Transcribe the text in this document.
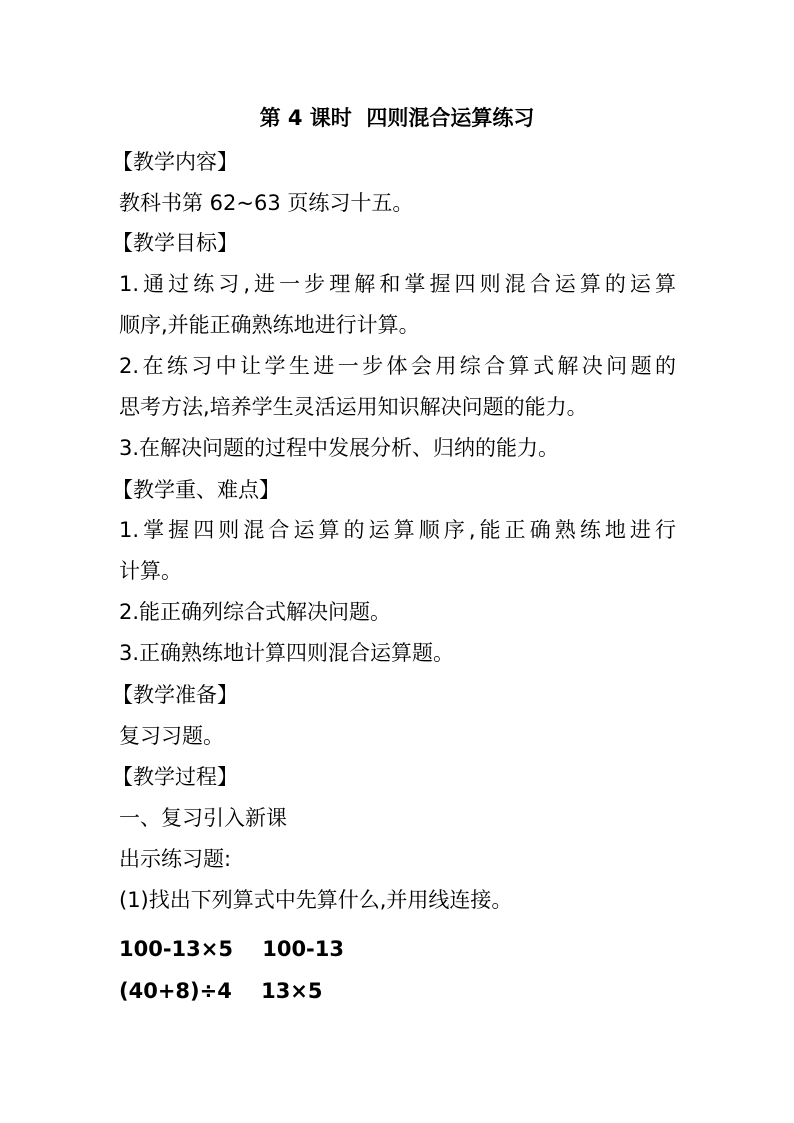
第 4 课时  四则混合运算练习
【教学内容】
教科书第 62~63 页练习十五。
【教学目标】
1.通过练习,进一步理解和掌握四则混合运算的运算
顺序,并能正确熟练地进行计算。
2.在练习中让学生进一步体会用综合算式解决问题的
思考方法,培养学生灵活运用知识解决问题的能力。
3.在解决问题的过程中发展分析、归纳的能力。
【教学重、难点】
1.掌握四则混合运算的运算顺序,能正确熟练地进行
计算。
2.能正确列综合式解决问题。
3.正确熟练地计算四则混合运算题。
【教学准备】
复习习题。
【教学过程】
一、复习引入新课
出示练习题:
(1)找出下列算式中先算什么,并用线连接。
100-13×5    100-13
(40+8)÷4    13×5
